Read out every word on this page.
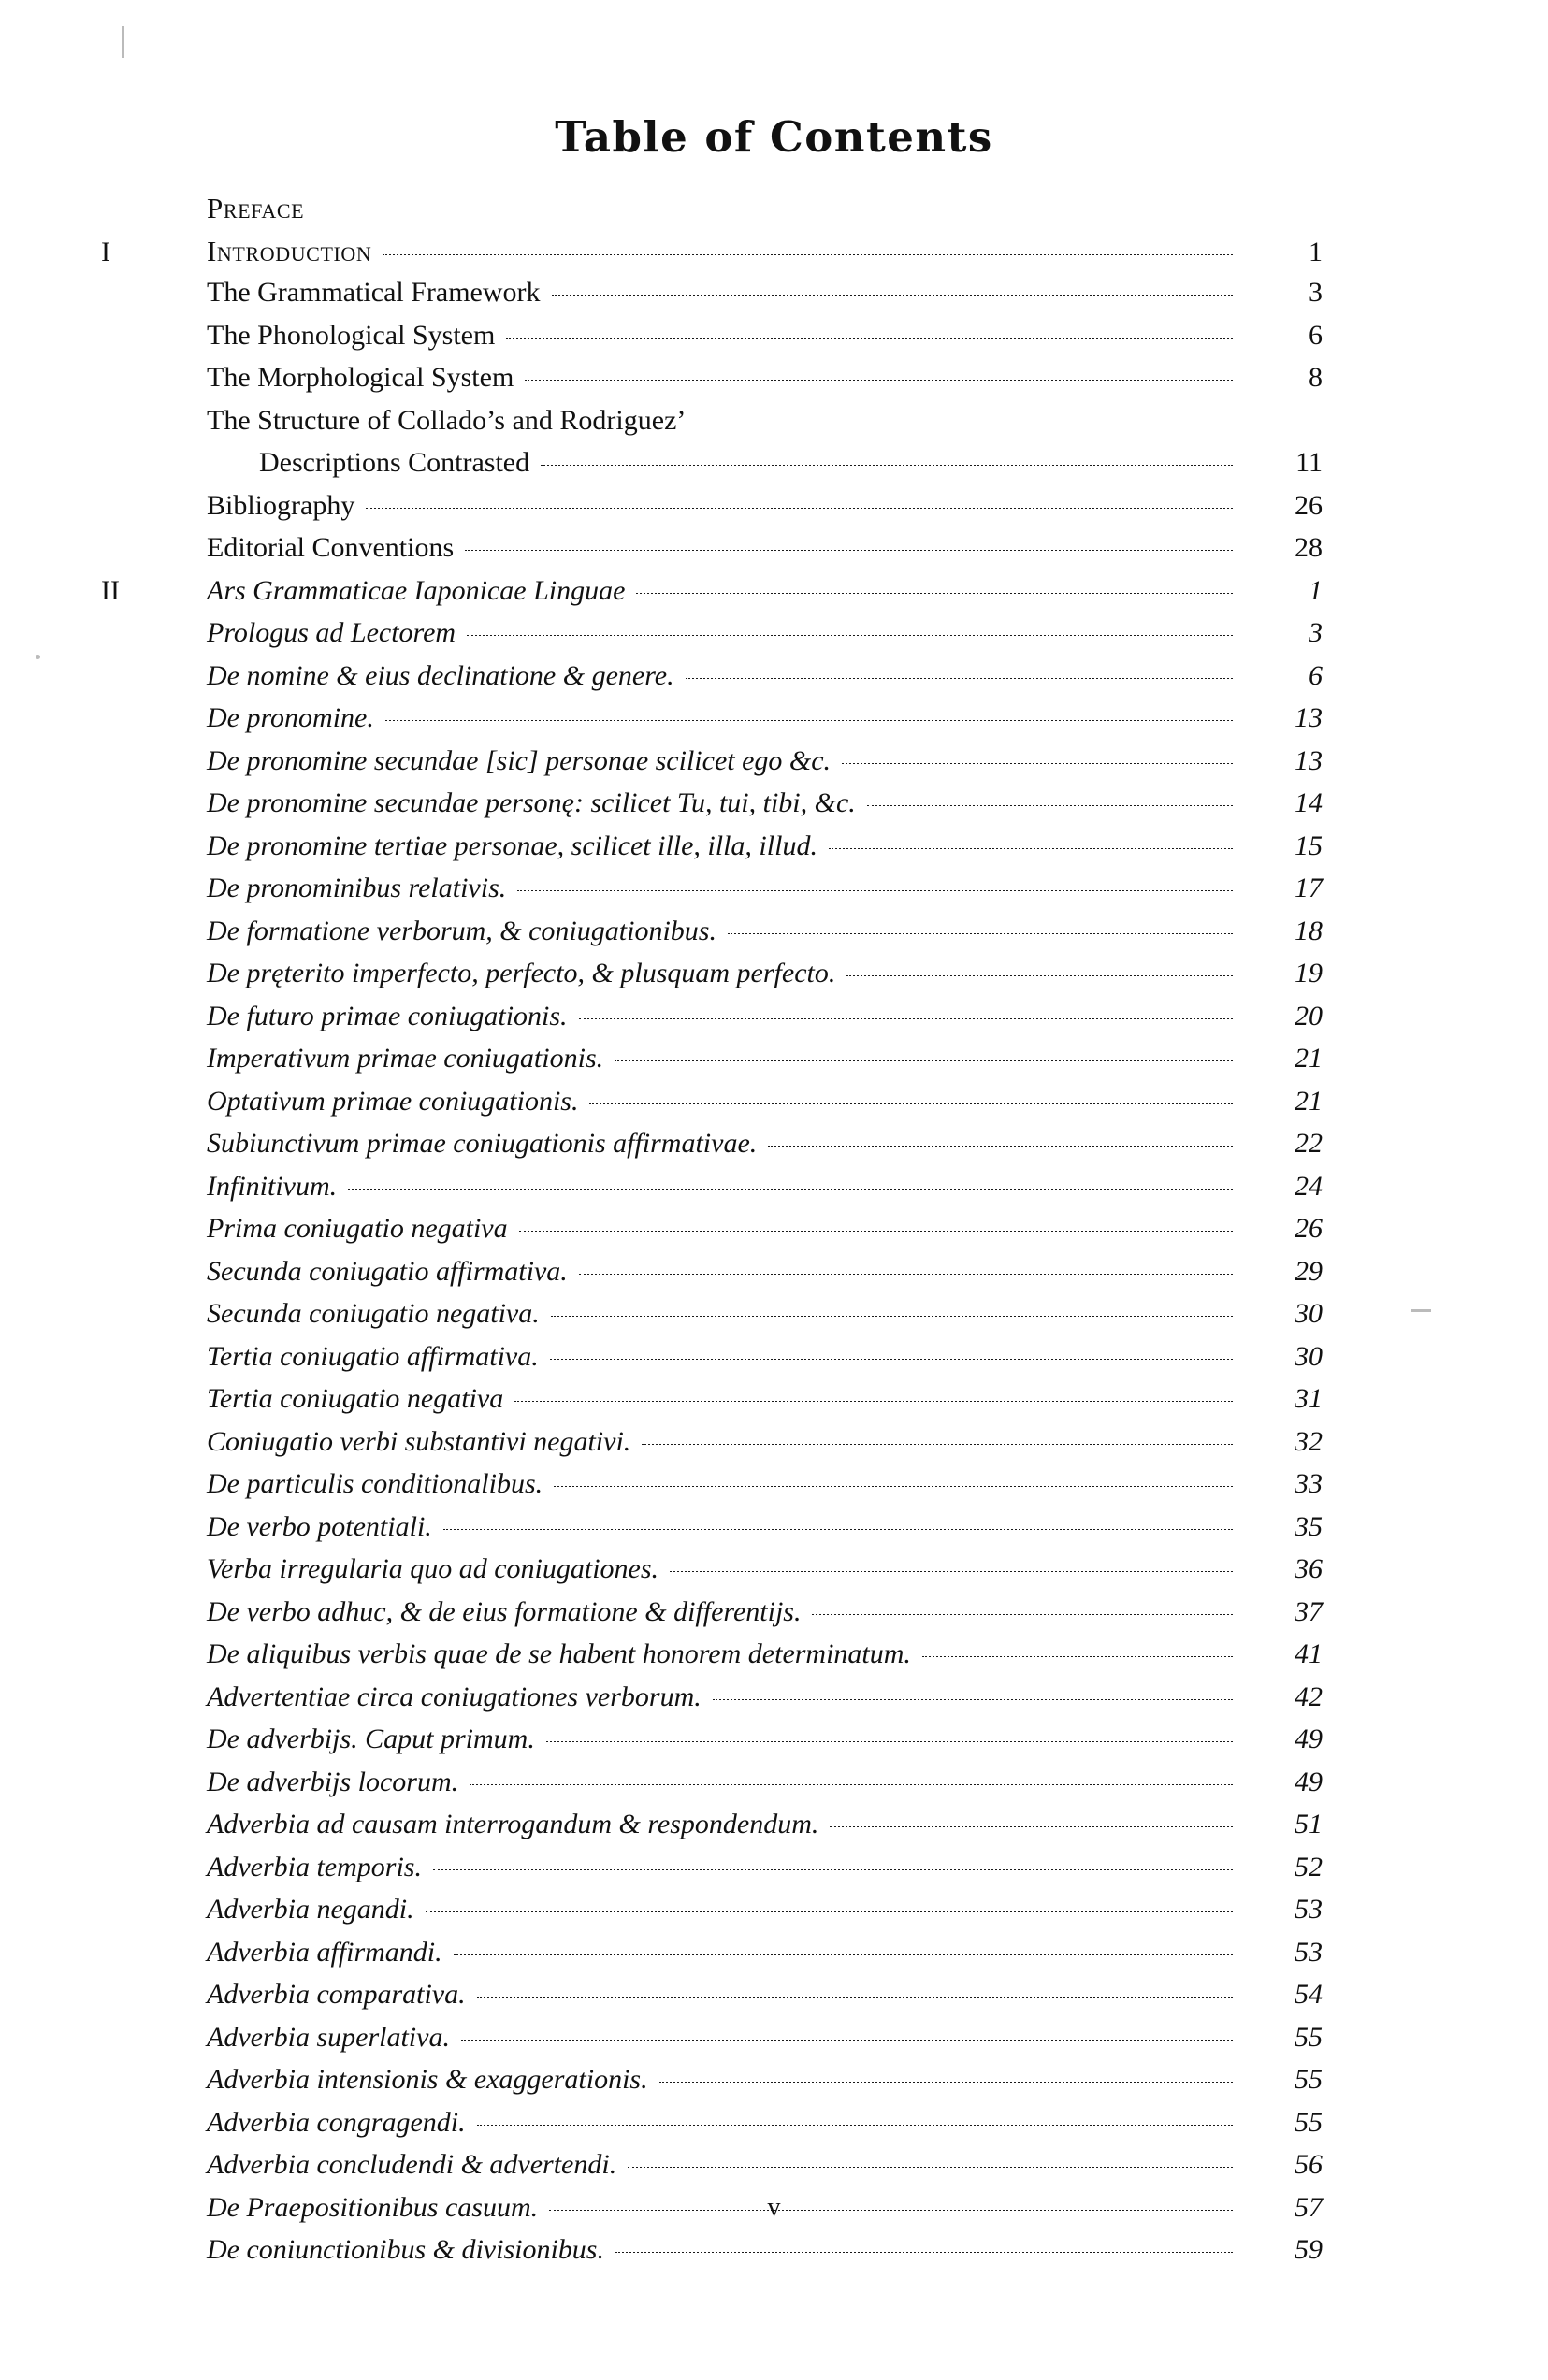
Table of Contents
Preface
I	Introduction	1
The Grammatical Framework	3
The Phonological System	6
The Morphological System	8
The Structure of Collado’s and Rodriguez’
Descriptions Contrasted	11
Bibliography	26
Editorial Conventions	28
II	Ars Grammaticae Iaponicae Linguae	1
Prologus ad Lectorem	3
De nomine & eius declinatione & genere.	6
De pronomine.	13
De pronomine secundae [sic] personae scilicet ego &c.	13
De pronomine secundae personę: scilicet Tu, tui, tibi, &c.	14
De pronomine tertiae personae, scilicet ille, illa, illud.	15
De pronominibus relativis.	17
De formatione verborum, & coniugationibus.	18
De pręterito imperfecto, perfecto, & plusquam perfecto.	19
De futuro primae coniugationis.	20
Imperativum primae coniugationis.	21
Optativum primae coniugationis.	21
Subiunctivum primae coniugationis affirmativae.	22
Infinitivum.	24
Prima coniugatio negativa	26
Secunda coniugatio affirmativa.	29
Secunda coniugatio negativa.	30
Tertia coniugatio affirmativa.	30
Tertia coniugatio negativa	31
Coniugatio verbi substantivi negativi.	32
De particulis conditionalibus.	33
De verbo potentiali.	35
Verba irregularia quo ad coniugationes.	36
De verbo adhuc, & de eius formatione & differentijs.	37
De aliquibus verbis quae de se habent honorem determinatum.	41
Advertentiae circa coniugationes verborum.	42
De adverbijs. Caput primum.	49
De adverbijs locorum.	49
Adverbia ad causam interrogandum & respondendum.	51
Adverbia temporis.	52
Adverbia negandi.	53
Adverbia affirmandi.	53
Adverbia comparativa.	54
Adverbia superlativa.	55
Adverbia intensionis & exaggerationis.	55
Adverbia congragendi.	55
Adverbia concludendi & advertendi.	56
De Praepositionibus casuum.	57
De coniunctionibus & divisionibus.	59
v
